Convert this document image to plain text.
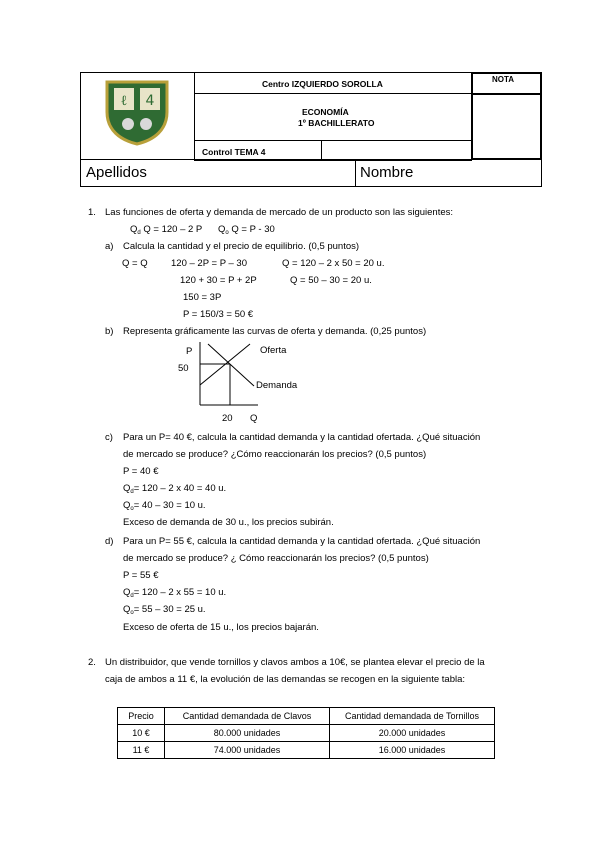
ℓ 4
Centro IZQUIERDO SOROLLA	NOTA
ECONOMÍA
1º BACHILLERATO
Control TEMA 4
Apellidos	Nombre
1. Las funciones de oferta y demanda de mercado de un producto son las siguientes:
$Q_d$ Q = 120 – 2 P $Q_o$ Q = P - 30
a) Calcula la cantidad y el precio de equilibrio. (0,5 puntos)
Q = Q 120 – 2P = P – 30	Q = 120 – 2 x 50 = 20 u.
120 + 30 = P + 2P	Q = 50 – 30 = 20 u.
150 = 3P
P = 150/3 = 50 €
b) Representa gráficamente las curvas de oferta y demanda. (0,25 puntos)
P
50
Oferta
Demanda
20 Q
c) Para un P= 40 €, calcula la cantidad demanda y la cantidad ofertada. ¿Qué situación
de mercado se produce? ¿Cómo reaccionarán los precios? (0,5 puntos)
P = 40 €
$Q_d= 120 - 2$ x 40 = 40 u.
$Q_o= 40 - 30 = 10$ u.
Exceso de demanda de 30 u., los precios subirán.
d) Para un P= 55 €, calcula la cantidad demanda y la cantidad ofertada. ¿Qué situación
de mercado se produce? ¿ Cómo reaccionarán los precios? (0,5 puntos)
P = 55 €
$Q_d= 120 - 2$ x 55 = 10 u.
$Q_o= 55 - 30 = 25$ u.
Exceso de oferta de 15 u., los precios bajarán.
2. Un distribuidor, que vende tornillos y clavos ambos a 10€, se plantea elevar el precio de la
caja de ambos a 11 €, la evolución de las demandas se recogen en la siguiente tabla:
Precio	Cantidad demandada de Clavos	Cantidad demandada de Tornillos
10 €	80.000 unidades	20.000 unidades
11 €	74.000 unidades	16.000 unidades
